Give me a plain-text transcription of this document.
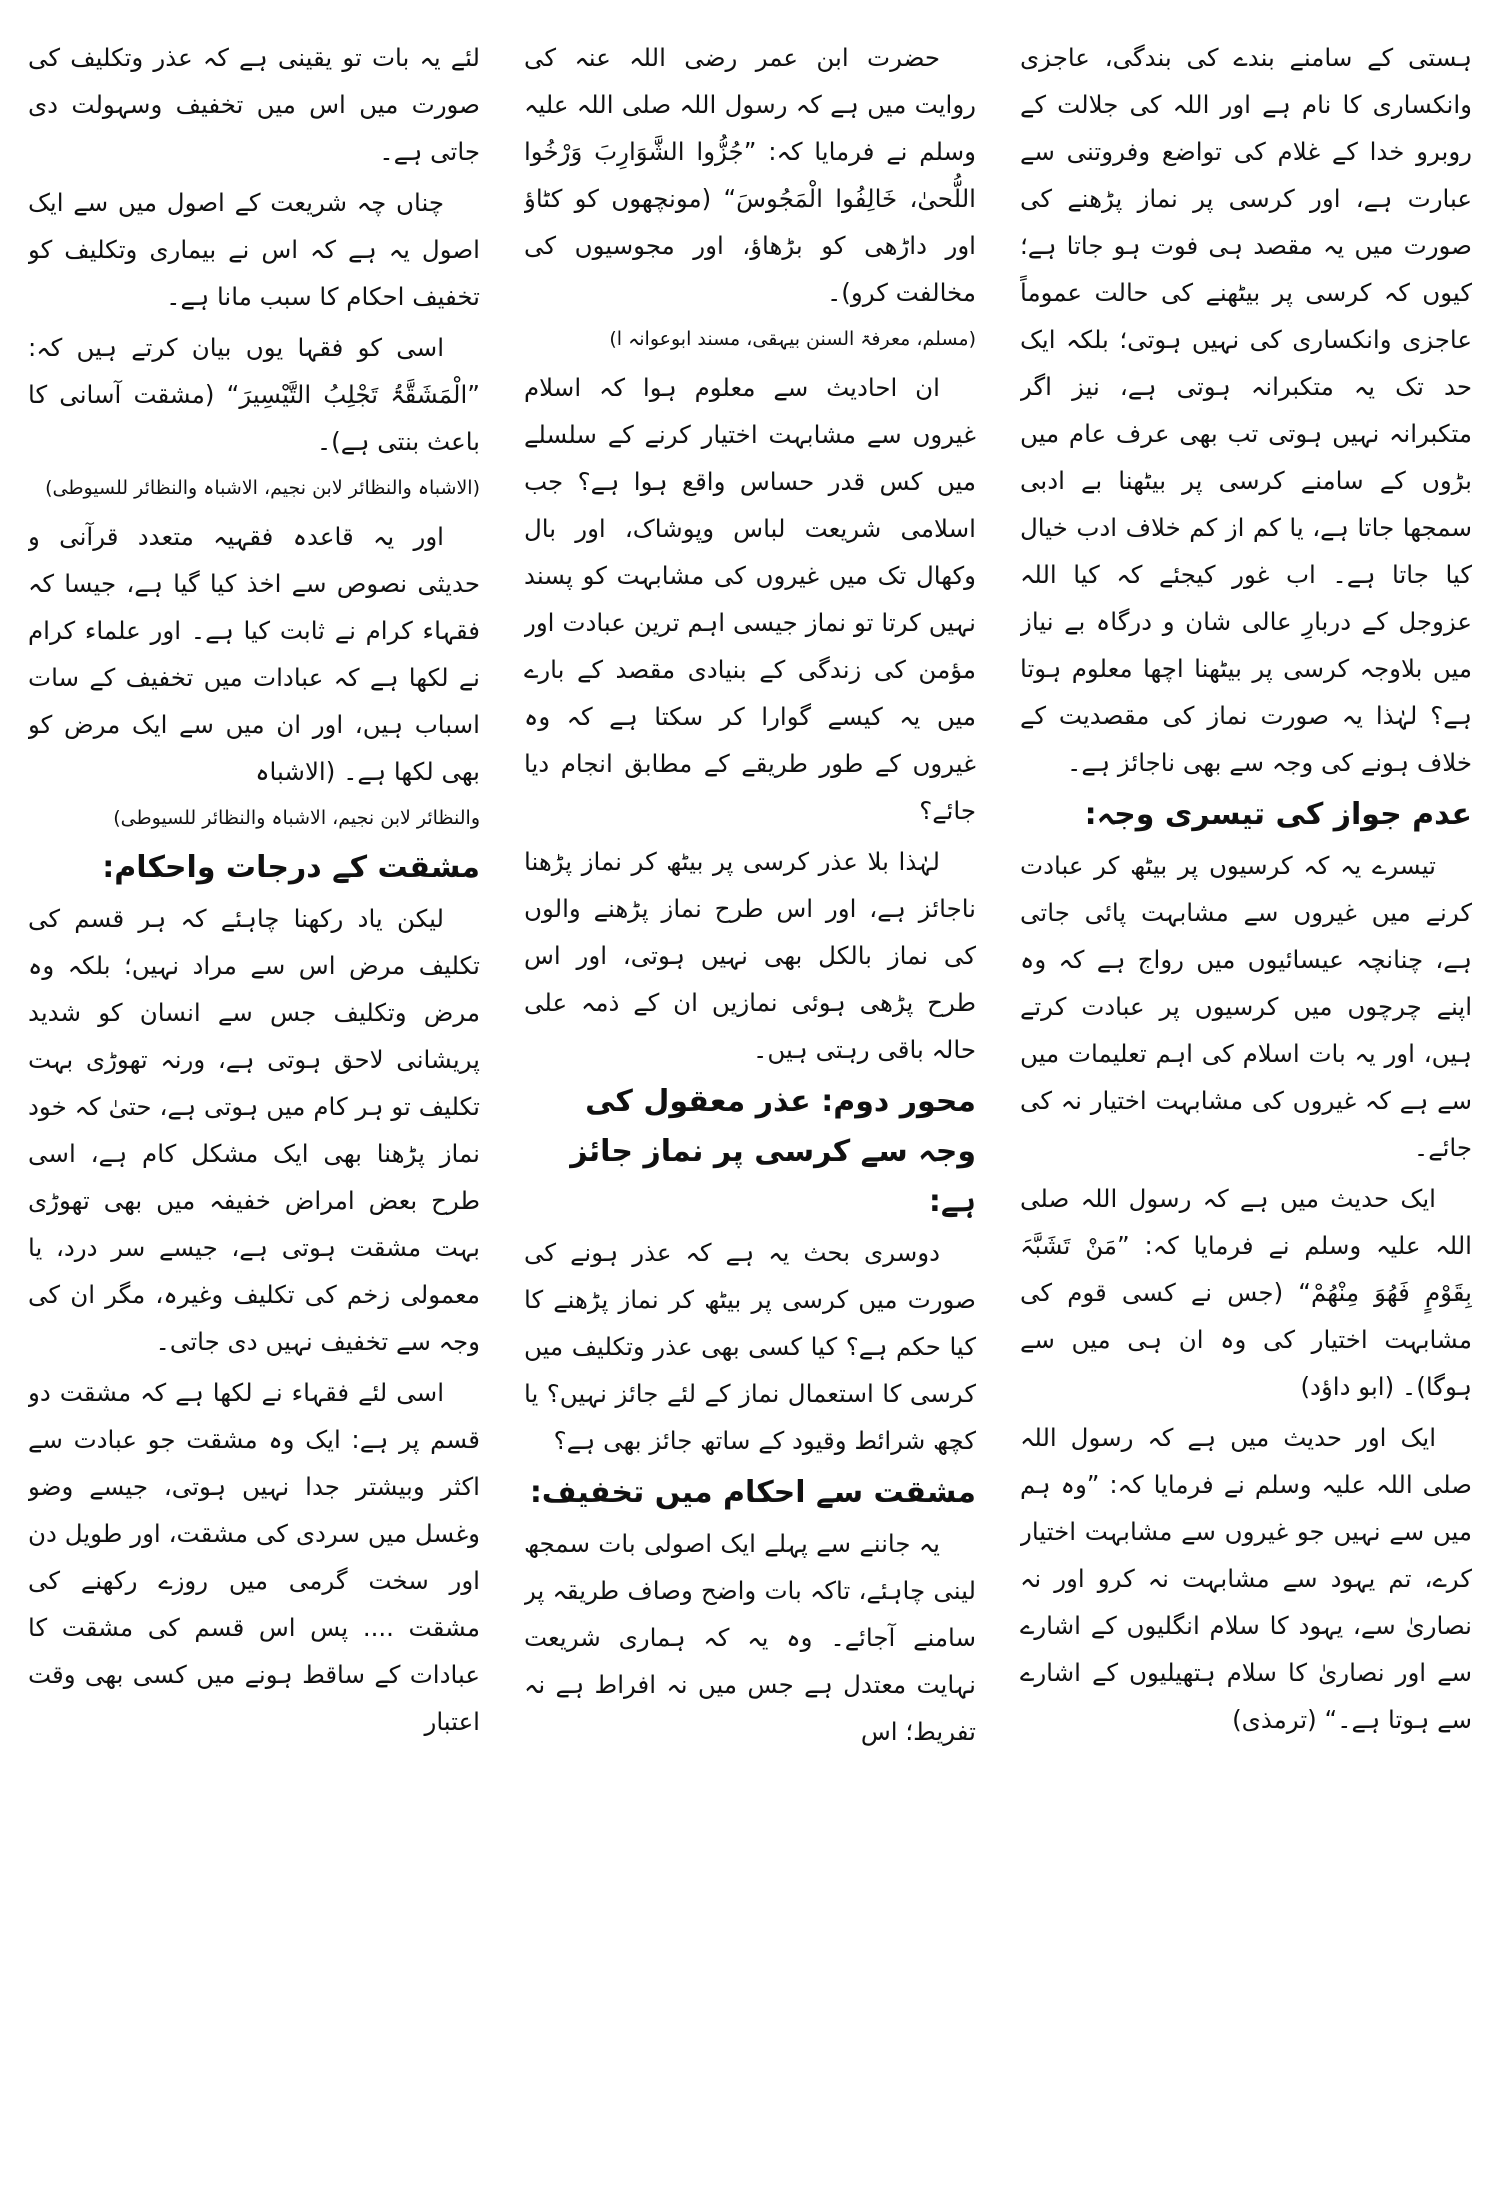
ہستی کے سامنے بندے کی بندگی، عاجزی وانکساری کا نام ہے اور اللہ کی جلالت کے روبرو خدا کے غلام کی تواضع وفروتنی سے عبارت ہے، اور کرسی پر نماز پڑھنے کی صورت میں یہ مقصد ہی فوت ہو جاتا ہے؛ کیوں کہ کرسی پر بیٹھنے کی حالت عموماً عاجزی وانکساری کی نہیں ہوتی؛ بلکہ ایک حد تک یہ متکبرانہ ہوتی ہے، نیز اگر متکبرانہ نہیں ہوتی تب بھی عرف عام میں بڑوں کے سامنے کرسی پر بیٹھنا بے ادبی سمجھا جاتا ہے، یا کم از کم خلاف ادب خیال کیا جاتا ہے۔ اب غور کیجئے کہ کیا اللہ عزوجل کے دربارِ عالی شان و درگاہ بے نیاز میں بلاوجہ کرسی پر بیٹھنا اچھا معلوم ہوتا ہے؟ لہٰذا یہ صورت نماز کی مقصدیت کے خلاف ہونے کی وجہ سے بھی ناجائز ہے۔

عدم جواز کی تیسری وجہ:

تیسرے یہ کہ کرسیوں پر بیٹھ کر عبادت کرنے میں غیروں سے مشابہت پائی جاتی ہے، چنانچہ عیسائیوں میں رواج ہے کہ وہ اپنے چرچوں میں کرسیوں پر عبادت کرتے ہیں، اور یہ بات اسلام کی اہم تعلیمات میں سے ہے کہ غیروں کی مشابہت اختیار نہ کی جائے۔

ایک حدیث میں ہے کہ رسول اللہ صلی اللہ علیہ وسلم نے فرمایا کہ: ”مَنْ تَشَبَّہَ بِقَوْمٍ فَھُوَ مِنْھُمْ“ (جس نے کسی قوم کی مشابہت اختیار کی وہ ان ہی میں سے ہوگا)۔ (ابو داؤد)

ایک اور حدیث میں ہے کہ رسول اللہ صلی اللہ علیہ وسلم نے فرمایا کہ: ”وہ ہم میں سے نہیں جو غیروں سے مشابہت اختیار کرے، تم یہود سے مشابہت نہ کرو اور نہ نصاریٰ سے، یہود کا سلام انگلیوں کے اشارے سے اور نصاریٰ کا سلام ہتھیلیوں کے اشارے سے ہوتا ہے۔“ (ترمذی)

حضرت ابن عمر رضی اللہ عنہ کی روایت میں ہے کہ رسول اللہ صلی اللہ علیہ وسلم نے فرمایا کہ: ”جُزُّوا الشَّوَارِبَ وَرْخُوا اللُّحیٰ، خَالِفُوا الْمَجُوسَ“ (مونچھوں کو کٹاؤ اور داڑھی کو بڑھاؤ، اور مجوسیوں کی مخالفت کرو)۔

(مسلم، معرفۃ السنن بیہقی، مسند ابوعوانہ ا)

ان احادیث سے معلوم ہوا کہ اسلام غیروں سے مشابہت اختیار کرنے کے سلسلے میں کس قدر حساس واقع ہوا ہے؟ جب اسلامی شریعت لباس وپوشاک، اور بال وکھال تک میں غیروں کی مشابہت کو پسند نہیں کرتا تو نماز جیسی اہم ترین عبادت اور مؤمن کی زندگی کے بنیادی مقصد کے بارے میں یہ کیسے گوارا کر سکتا ہے کہ وہ غیروں کے طور طریقے کے مطابق انجام دیا جائے؟

لہٰذا بلا عذر کرسی پر بیٹھ کر نماز پڑھنا ناجائز ہے، اور اس طرح نماز پڑھنے والوں کی نماز بالکل بھی نہیں ہوتی، اور اس طرح پڑھی ہوئی نمازیں ان کے ذمہ علی حالہ باقی رہتی ہیں۔

محور دوم: عذر معقول کی وجہ سے کرسی پر نماز جائز ہے:

دوسری بحث یہ ہے کہ عذر ہونے کی صورت میں کرسی پر بیٹھ کر نماز پڑھنے کا کیا حکم ہے؟ کیا کسی بھی عذر وتکلیف میں کرسی کا استعمال نماز کے لئے جائز نہیں؟ یا کچھ شرائط وقیود کے ساتھ جائز بھی ہے؟

مشقت سے احکام میں تخفیف:

یہ جاننے سے پہلے ایک اصولی بات سمجھ لینی چاہئے، تاکہ بات واضح وصاف طریقہ پر سامنے آجائے۔ وہ یہ کہ ہماری شریعت نہایت معتدل ہے جس میں نہ افراط ہے نہ تفریط؛ اس

لئے یہ بات تو یقینی ہے کہ عذر وتکلیف کی صورت میں اس میں تخفیف وسہولت دی جاتی ہے۔

چناں چہ شریعت کے اصول میں سے ایک اصول یہ ہے کہ اس نے بیماری وتکلیف کو تخفیف احکام کا سبب مانا ہے۔

اسی کو فقہا یوں بیان کرتے ہیں کہ: ”الْمَشَقَّۃُ تَجْلِبُ التَّیْسِیرَ“ (مشقت آسانی کا باعث بنتی ہے)۔

(الاشباہ والنظائر لابن نجیم، الاشباہ والنظائر للسیوطی)

اور یہ قاعدہ فقہیہ متعدد قرآنی و حدیثی نصوص سے اخذ کیا گیا ہے، جیسا کہ فقہاء کرام نے ثابت کیا ہے۔ اور علماء کرام نے لکھا ہے کہ عبادات میں تخفیف کے سات اسباب ہیں، اور ان میں سے ایک مرض کو بھی لکھا ہے۔ (الاشباہ

والنظائر لابن نجیم، الاشباہ والنظائر للسیوطی)

مشقت کے درجات واحکام:

لیکن یاد رکھنا چاہئے کہ ہر قسم کی تکلیف مرض اس سے مراد نہیں؛ بلکہ وہ مرض وتکلیف جس سے انسان کو شدید پریشانی لاحق ہوتی ہے، ورنہ تھوڑی بہت تکلیف تو ہر کام میں ہوتی ہے، حتیٰ کہ خود نماز پڑھنا بھی ایک مشکل کام ہے، اسی طرح بعض امراض خفیفہ میں بھی تھوڑی بہت مشقت ہوتی ہے، جیسے سر درد، یا معمولی زخم کی تکلیف وغیرہ، مگر ان کی وجہ سے تخفیف نہیں دی جاتی۔

اسی لئے فقہاء نے لکھا ہے کہ مشقت دو قسم پر ہے: ایک وہ مشقت جو عبادت سے اکثر وبیشتر جدا نہیں ہوتی، جیسے وضو وغسل میں سردی کی مشقت، اور طویل دن اور سخت گرمی میں روزے رکھنے کی مشقت .... پس اس قسم کی مشقت کا عبادات کے ساقط ہونے میں کسی بھی وقت اعتبار
